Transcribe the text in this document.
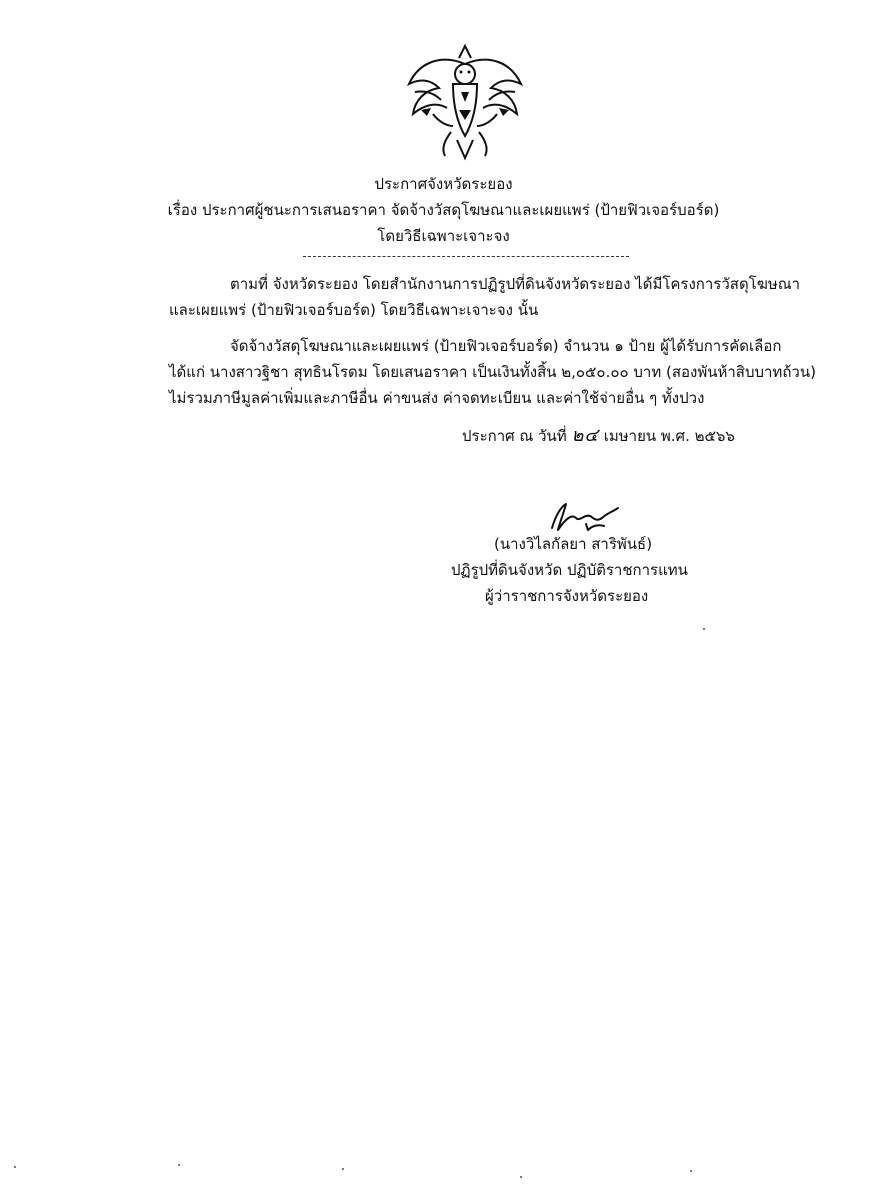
ประกาศจังหวัดระยอง
เรื่อง ประกาศผู้ชนะการเสนอราคา จัดจ้างวัสดุโฆษณาและเผยแพร่ (ป้ายฟิวเจอร์บอร์ด)
โดยวิธีเฉพาะเจาะจง
ตามที่ จังหวัดระยอง โดยสำนักงานการปฏิรูปที่ดินจังหวัดระยอง ได้มีโครงการวัสดุโฆษณา
และเผยแพร่ (ป้ายฟิวเจอร์บอร์ด) โดยวิธีเฉพาะเจาะจง นั้น
จัดจ้างวัสดุโฆษณาและเผยแพร่ (ป้ายฟิวเจอร์บอร์ด) จำนวน ๑ ป้าย ผู้ได้รับการคัดเลือก
ได้แก่ นางสาวฐิชา สุทธินโรดม โดยเสนอราคา เป็นเงินทั้งสิ้น ๒,๐๕๐.๐๐ บาท (สองพันห้าสิบบาทถ้วน)
ไม่รวมภาษีมูลค่าเพิ่มและภาษีอื่น ค่าขนส่ง ค่าจดทะเบียน และค่าใช้จ่ายอื่น ๆ ทั้งปวง
ประกาศ ณ วันที่ ๒๔ เมษายน พ.ศ. ๒๕๖๖
(นางวิไลกัลยา สาริพันธ์)
ปฏิรูปที่ดินจังหวัด ปฏิบัติราชการแทน
ผู้ว่าราชการจังหวัดระยอง
